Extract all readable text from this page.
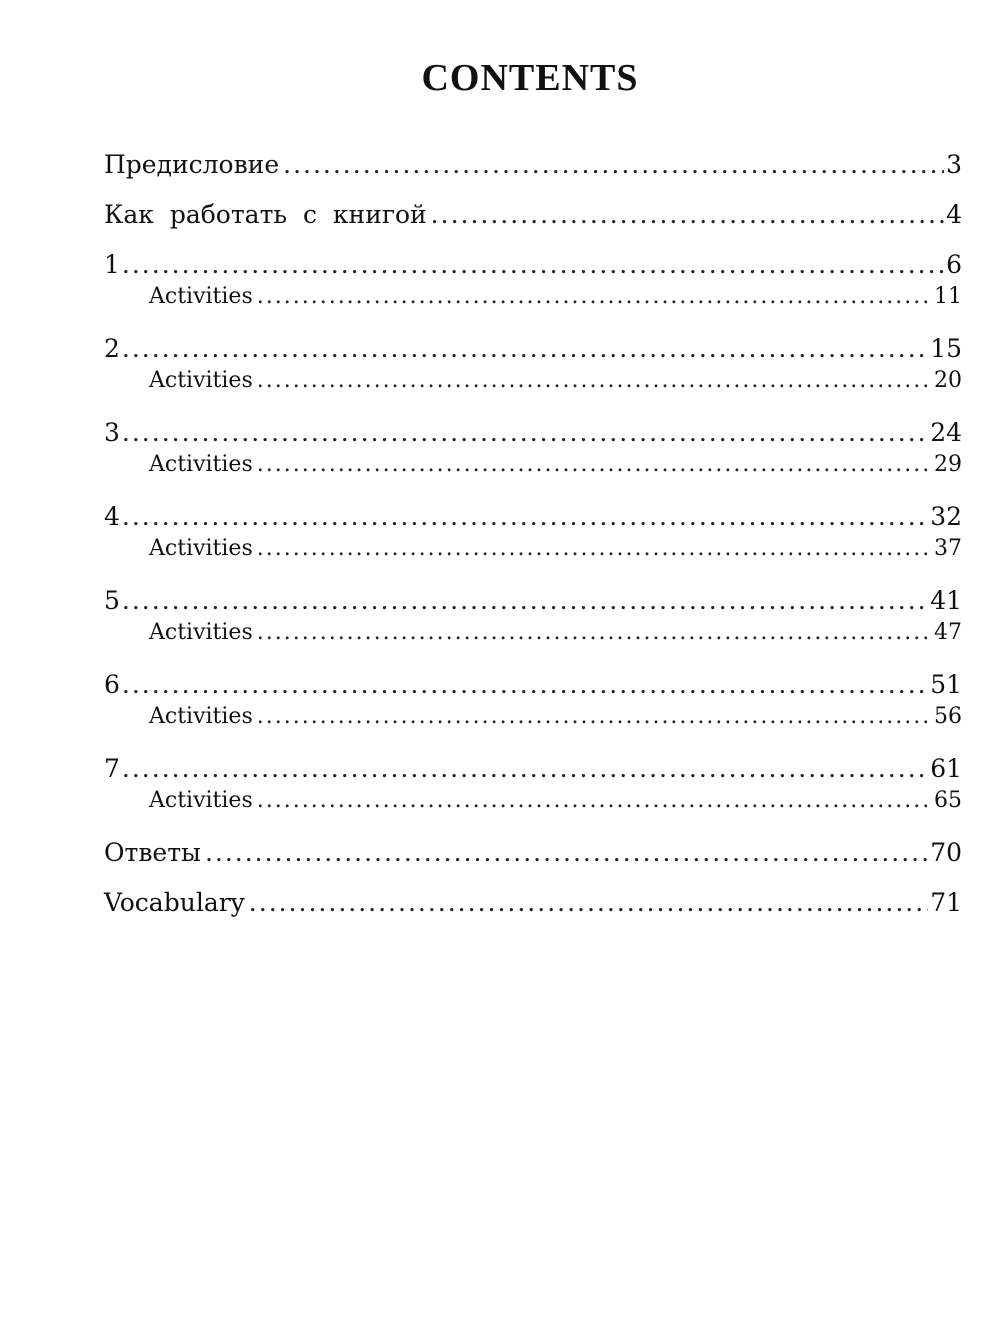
CONTENTS
Предисловие .....	3
Как работать с книгой .....	4
1 .....	6
Activities .....	11
2 .....	15
Activities .....	20
3 .....	24
Activities .....	29
4 .....	32
Activities .....	37
5 .....	41
Activities .....	47
6 .....	51
Activities .....	56
7 .....	61
Activities .....	65
Ответы .....	70
Vocabulary .....	71
